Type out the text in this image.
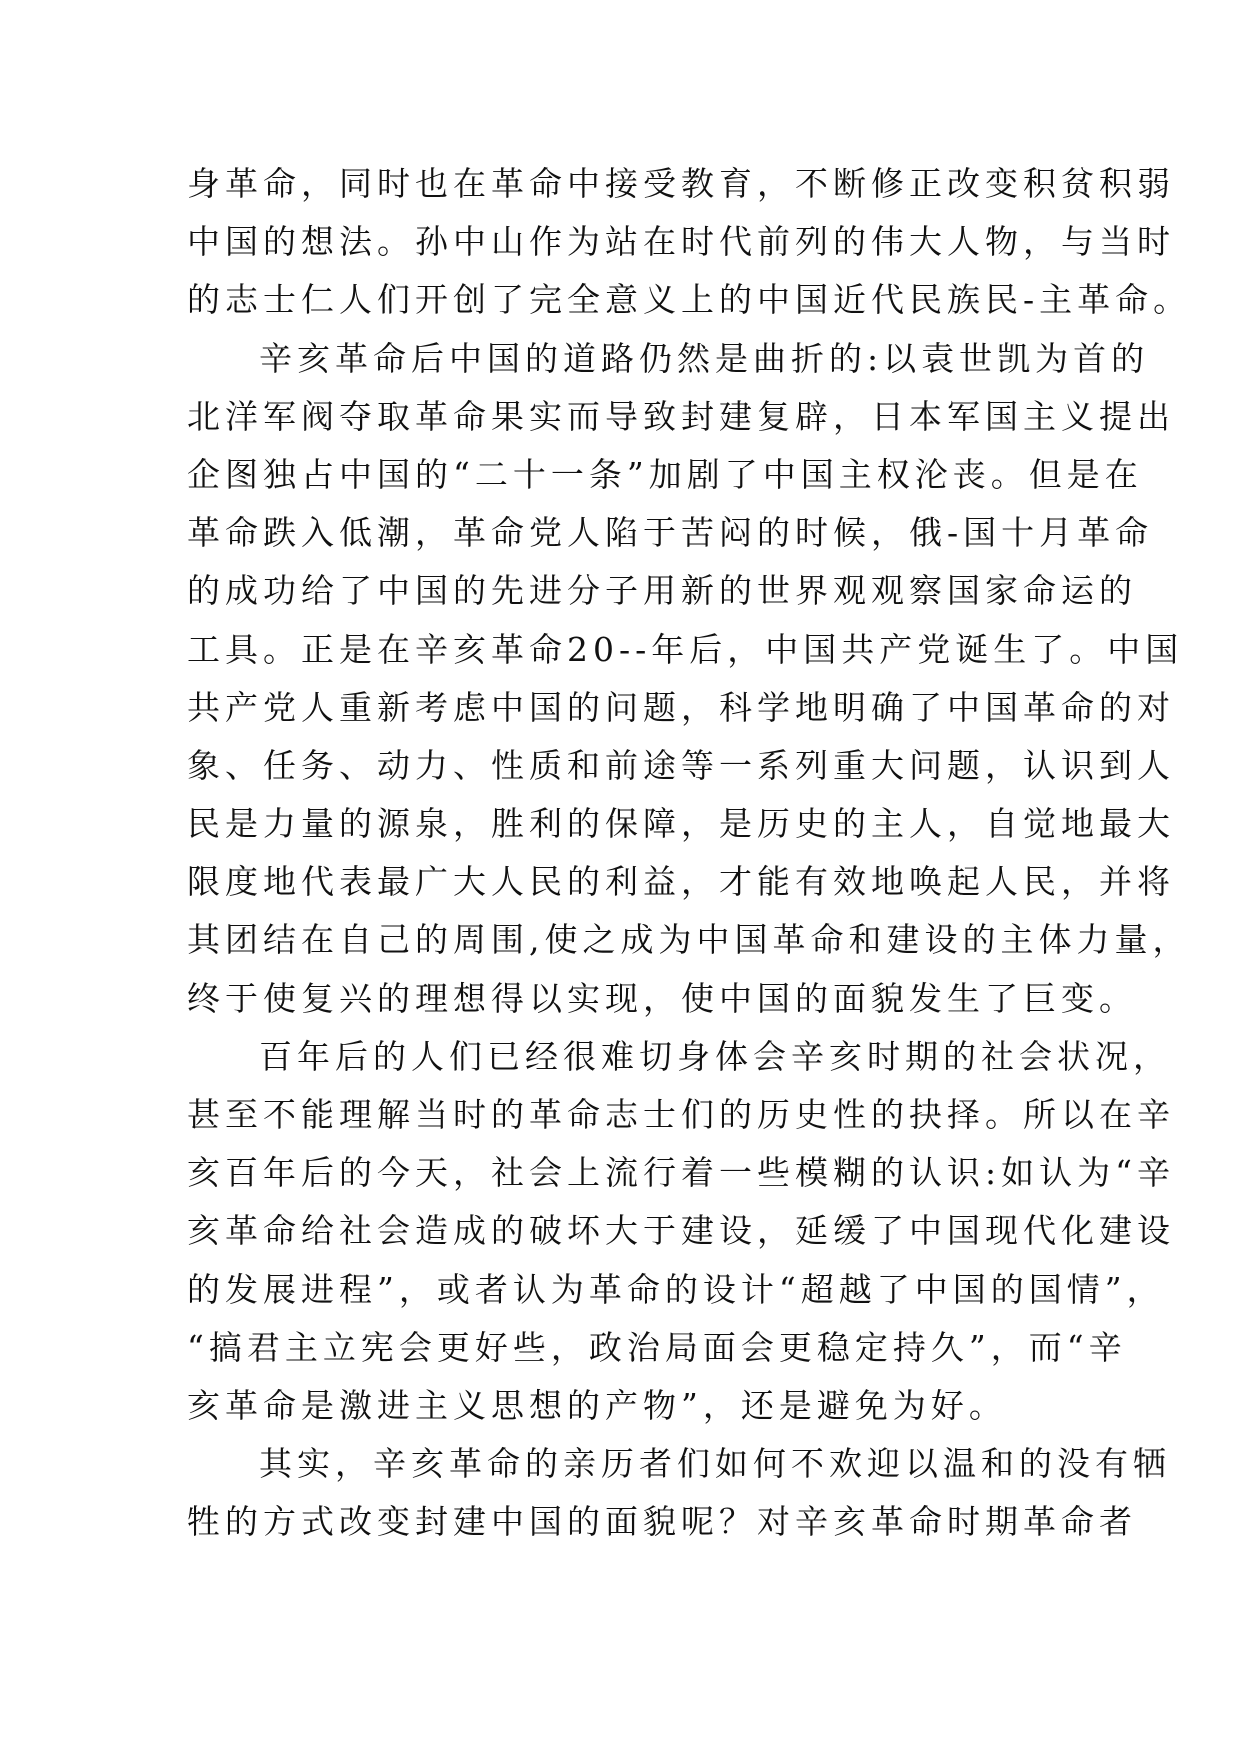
身革命，同时也在革命中接受教育，不断修正改变积贫积弱
中国的想法。孙中山作为站在时代前列的伟大人物，与当时
的志士仁人们开创了完全意义上的中国近代民族民-主革命。
辛亥革命后中国的道路仍然是曲折的:以袁世凯为首的
北洋军阀夺取革命果实而导致封建复辟，日本军国主义提出
企图独占中国的“二十一条”加剧了中国主权沦丧。但是在
革命跌入低潮，革命党人陷于苦闷的时候，俄-国十月革命
的成功给了中国的先进分子用新的世界观观察国家命运的
工具。正是在辛亥革命20--年后，中国共产党诞生了。中国
共产党人重新考虑中国的问题，科学地明确了中国革命的对
象、任务、动力、性质和前途等一系列重大问题，认识到人
民是力量的源泉，胜利的保障，是历史的主人，自觉地最大
限度地代表最广大人民的利益，才能有效地唤起人民，并将
其团结在自己的周围,使之成为中国革命和建设的主体力量，
终于使复兴的理想得以实现，使中国的面貌发生了巨变。
百年后的人们已经很难切身体会辛亥时期的社会状况，
甚至不能理解当时的革命志士们的历史性的抉择。所以在辛
亥百年后的今天，社会上流行着一些模糊的认识:如认为“辛
亥革命给社会造成的破坏大于建设，延缓了中国现代化建设
的发展进程”，或者认为革命的设计“超越了中国的国情”，
“搞君主立宪会更好些，政治局面会更稳定持久”，而“辛
亥革命是激进主义思想的产物”，还是避免为好。
其实，辛亥革命的亲历者们如何不欢迎以温和的没有牺
牲的方式改变封建中国的面貌呢？对辛亥革命时期革命者
